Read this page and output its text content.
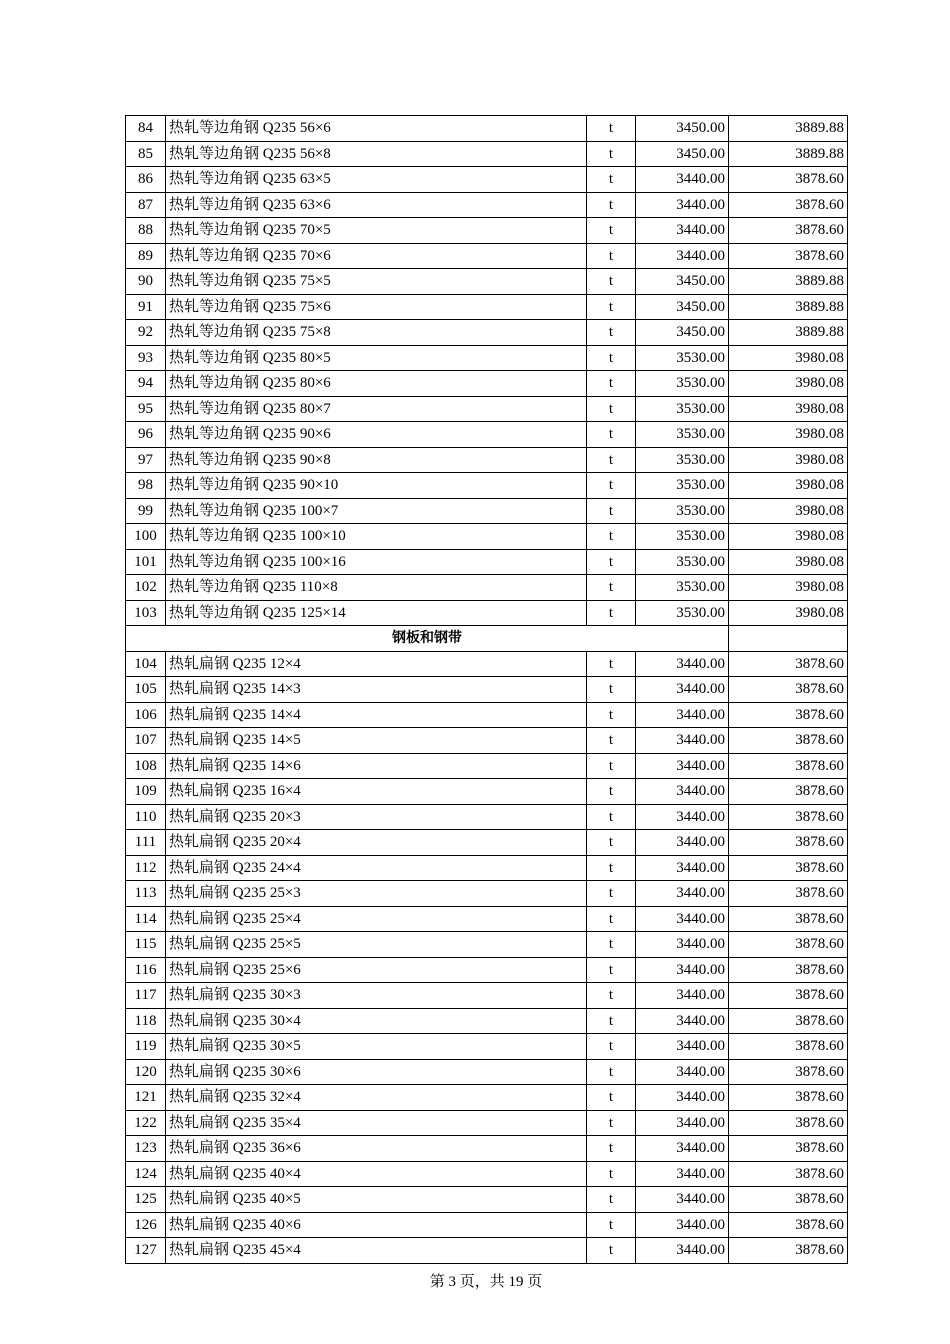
84	热轧等边角钢 Q235 56×6	t	3450.00	3889.88
85	热轧等边角钢 Q235 56×8	t	3450.00	3889.88
86	热轧等边角钢 Q235 63×5	t	3440.00	3878.60
87	热轧等边角钢 Q235 63×6	t	3440.00	3878.60
88	热轧等边角钢 Q235 70×5	t	3440.00	3878.60
89	热轧等边角钢 Q235 70×6	t	3440.00	3878.60
90	热轧等边角钢 Q235 75×5	t	3450.00	3889.88
91	热轧等边角钢 Q235 75×6	t	3450.00	3889.88
92	热轧等边角钢 Q235 75×8	t	3450.00	3889.88
93	热轧等边角钢 Q235 80×5	t	3530.00	3980.08
94	热轧等边角钢 Q235 80×6	t	3530.00	3980.08
95	热轧等边角钢 Q235 80×7	t	3530.00	3980.08
96	热轧等边角钢 Q235 90×6	t	3530.00	3980.08
97	热轧等边角钢 Q235 90×8	t	3530.00	3980.08
98	热轧等边角钢 Q235 90×10	t	3530.00	3980.08
99	热轧等边角钢 Q235 100×7	t	3530.00	3980.08
100	热轧等边角钢 Q235 100×10	t	3530.00	3980.08
101	热轧等边角钢 Q235 100×16	t	3530.00	3980.08
102	热轧等边角钢 Q235 110×8	t	3530.00	3980.08
103	热轧等边角钢 Q235 125×14	t	3530.00	3980.08
钢板和钢带				
104	热轧扁钢 Q235 12×4	t	3440.00	3878.60
105	热轧扁钢 Q235 14×3	t	3440.00	3878.60
106	热轧扁钢 Q235 14×4	t	3440.00	3878.60
107	热轧扁钢 Q235 14×5	t	3440.00	3878.60
108	热轧扁钢 Q235 14×6	t	3440.00	3878.60
109	热轧扁钢 Q235 16×4	t	3440.00	3878.60
110	热轧扁钢 Q235 20×3	t	3440.00	3878.60
111	热轧扁钢 Q235 20×4	t	3440.00	3878.60
112	热轧扁钢 Q235 24×4	t	3440.00	3878.60
113	热轧扁钢 Q235 25×3	t	3440.00	3878.60
114	热轧扁钢 Q235 25×4	t	3440.00	3878.60
115	热轧扁钢 Q235 25×5	t	3440.00	3878.60
116	热轧扁钢 Q235 25×6	t	3440.00	3878.60
117	热轧扁钢 Q235 30×3	t	3440.00	3878.60
118	热轧扁钢 Q235 30×4	t	3440.00	3878.60
119	热轧扁钢 Q235 30×5	t	3440.00	3878.60
120	热轧扁钢 Q235 30×6	t	3440.00	3878.60
121	热轧扁钢 Q235 32×4	t	3440.00	3878.60
122	热轧扁钢 Q235 35×4	t	3440.00	3878.60
123	热轧扁钢 Q235 36×6	t	3440.00	3878.60
124	热轧扁钢 Q235 40×4	t	3440.00	3878.60
125	热轧扁钢 Q235 40×5	t	3440.00	3878.60
126	热轧扁钢 Q235 40×6	t	3440.00	3878.60
127	热轧扁钢 Q235 45×4	t	3440.00	3878.60
第 3 页，共 19 页
